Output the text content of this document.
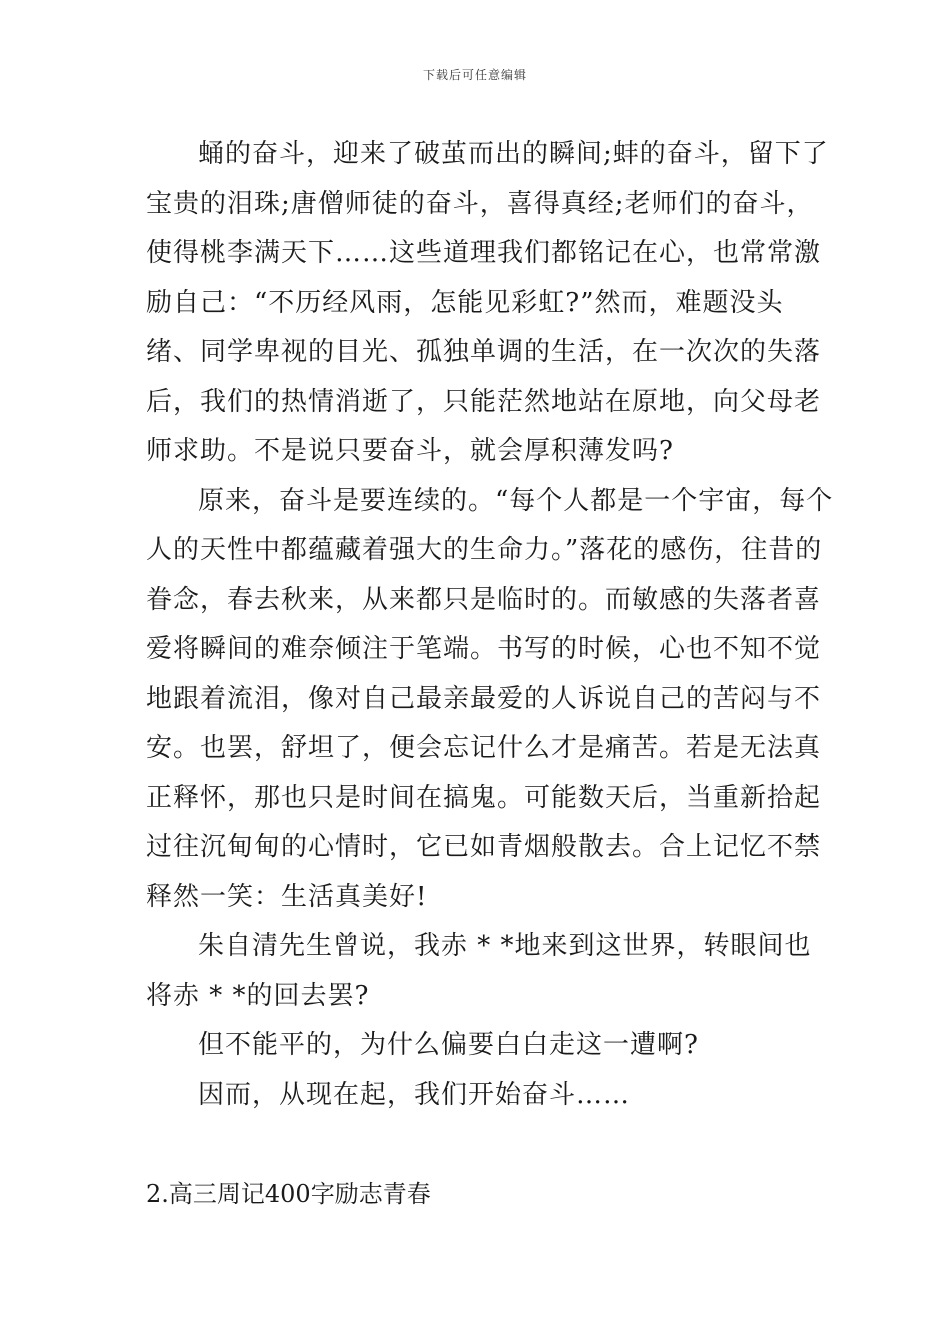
下载后可任意编辑

蛹的奋斗，迎来了破茧而出的瞬间;蚌的奋斗，留下了宝贵的泪珠;唐僧师徒的奋斗，喜得真经;老师们的奋斗，使得桃李满天下……这些道理我们都铭记在心，也常常激励自己：“不历经风雨，怎能见彩虹?”然而，难题没头绪、同学卑视的目光、孤独单调的生活，在一次次的失落后，我们的热情消逝了，只能茫然地站在原地，向父母老师求助。不是说只要奋斗，就会厚积薄发吗?

原来，奋斗是要连续的。“每个人都是一个宇宙，每个人的天性中都蕴藏着强大的生命力。”落花的感伤，往昔的眷念，春去秋来，从来都只是临时的。而敏感的失落者喜爱将瞬间的难奈倾注于笔端。书写的时候，心也不知不觉地跟着流泪，像对自己最亲最爱的人诉说自己的苦闷与不安。也罢，舒坦了，便会忘记什么才是痛苦。若是无法真正释怀，那也只是时间在搞鬼。可能数天后，当重新拾起过往沉甸甸的心情时，它已如青烟般散去。合上记忆不禁释然一笑：生活真美好!

朱自清先生曾说，我赤 * *地来到这世界，转眼间也将赤 * *的回去罢?

但不能平的，为什么偏要白白走这一遭啊?

因而，从现在起，我们开始奋斗……

2.高三周记400字励志青春
